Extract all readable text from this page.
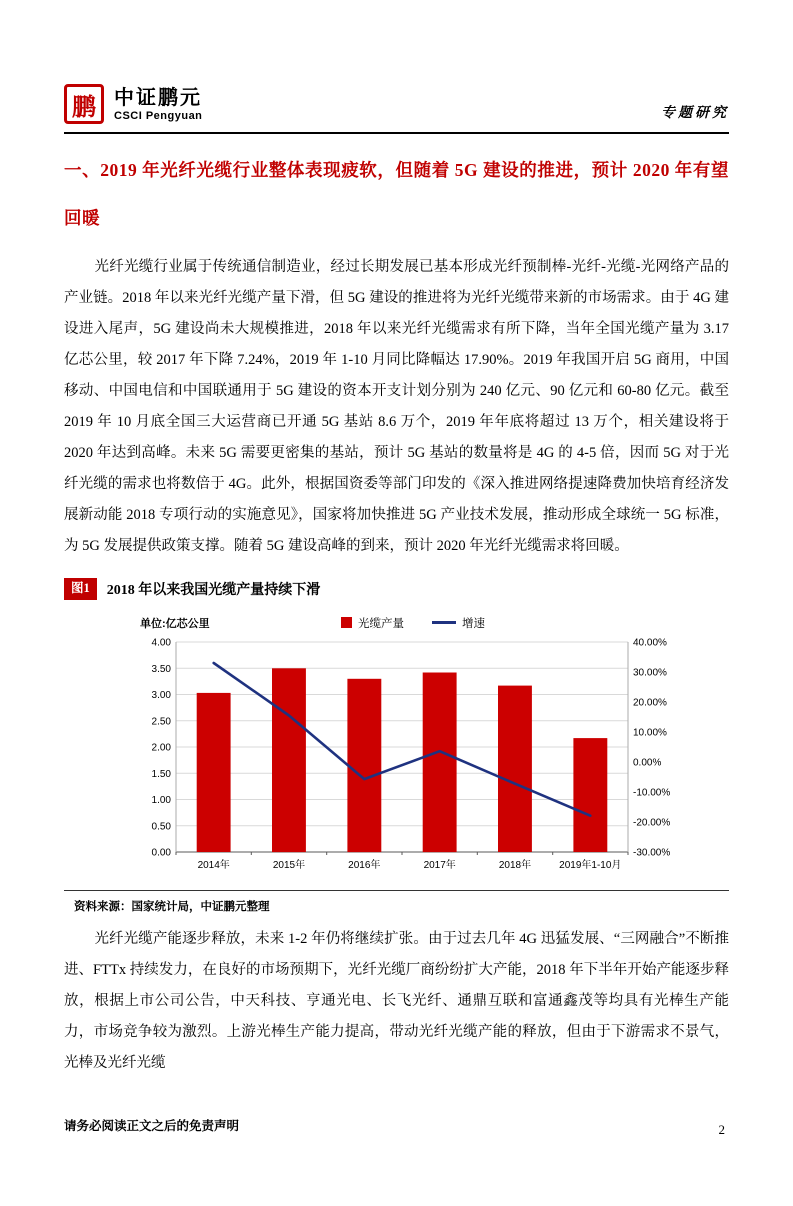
鹏 中证鹏元
CSCI Pengyuan	专题研究
一、2019 年光纤光缆行业整体表现疲软，但随着 5G 建设的推进，预计 2020 年有望回暖

光纤光缆行业属于传统通信制造业，经过长期发展已基本形成光纤预制棒-光纤-光缆-光网络产品的产业链。2018 年以来光纤光缆产量下滑，但 5G 建设的推进将为光纤光缆带来新的市场需求。由于 4G 建设进入尾声，5G 建设尚未大规模推进，2018 年以来光纤光缆需求有所下降，当年全国光缆产量为 3.17 亿芯公里，较 2017 年下降 7.24%，2019 年 1-10 月同比降幅达 17.90%。2019 年我国开启 5G 商用，中国移动、中国电信和中国联通用于 5G 建设的资本开支计划分别为 240 亿元、90 亿元和 60-80 亿元。截至 2019 年 10 月底全国三大运营商已开通 5G 基站 8.6 万个，2019 年年底将超过 13 万个，相关建设将于 2020 年达到高峰。未来 5G 需要更密集的基站，预计 5G 基站的数量将是 4G 的 4-5 倍，因而 5G 对于光纤光缆的需求也将数倍于 4G。此外，根据国资委等部门印发的《深入推进网络提速降费加快培育经济发展新动能 2018 专项行动的实施意见》，国家将加快推进 5G 产业技术发展，推动形成全球统一 5G 标准，为 5G 发展提供政策支撑。随着 5G 建设高峰的到来，预计 2020 年光纤光缆需求将回暖。

图1	2018 年以来我国光缆产量持续下滑
单位:亿芯公里	光缆产量	增速
0.00
0.50
1.00
1.50
2.00
2.50
3.00
3.50
4.00	40.00%
30.00%
20.00%
10.00%
0.00%
-10.00%
-20.00%
-30.00%
2014年	2015年	2016年	2017年	2018年	2019年1-10月
资料来源：国家统计局，中证鹏元整理

光纤光缆产能逐步释放，未来 1-2 年仍将继续扩张。由于过去几年 4G 迅猛发展、“三网融合”不断推进、FTTx 持续发力，在良好的市场预期下，光纤光缆厂商纷纷扩大产能，2018 年下半年开始产能逐步释放，根据上市公司公告，中天科技、亨通光电、长飞光纤、通鼎互联和富通鑫茂等均具有光棒生产能力，市场竞争较为激烈。上游光棒生产能力提高，带动光纤光缆产能的释放，但由于下游需求不景气，光棒及光纤光缆

请务必阅读正文之后的免责声明	2
